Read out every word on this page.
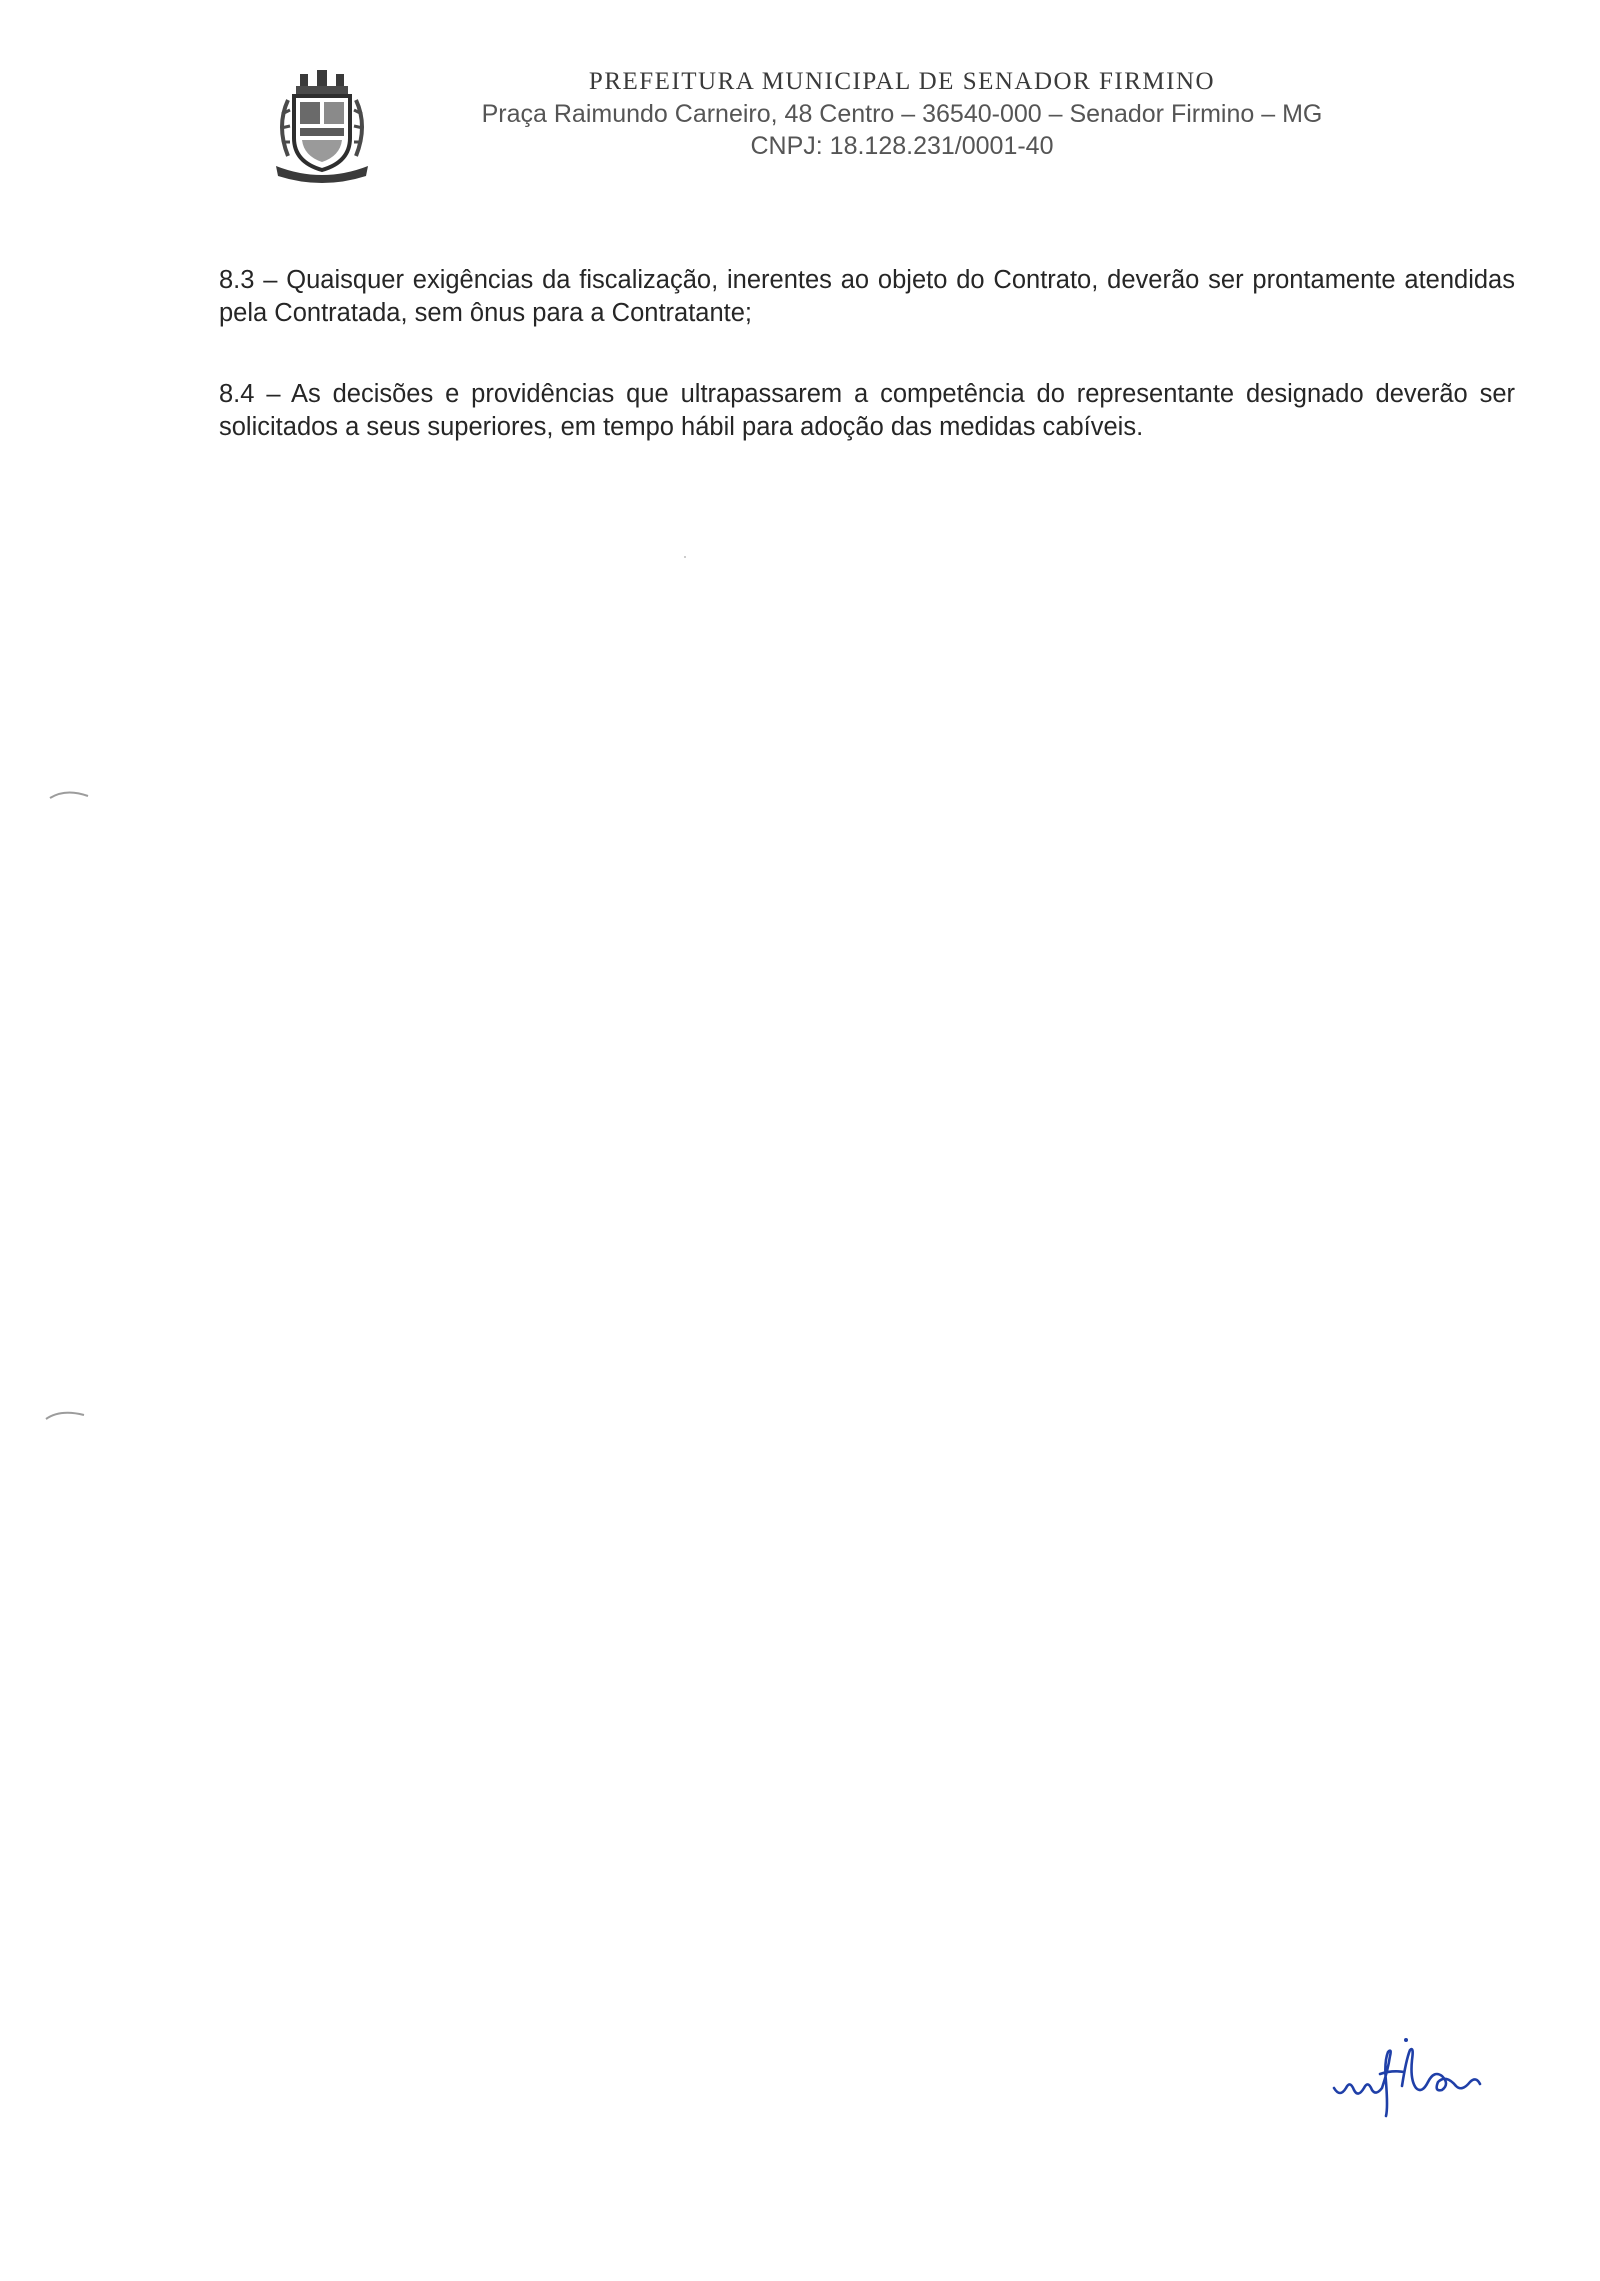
PREFEITURA MUNICIPAL DE SENADOR FIRMINO

Praça Raimundo Carneiro, 48 Centro – 36540-000 – Senador Firmino – MG

CNPJ: 18.128.231/0001-40

8.3 – Quaisquer exigências da fiscalização, inerentes ao objeto do Contrato, deverão ser prontamente atendidas pela Contratada, sem ônus para a Contratante;

8.4 – As decisões e providências que ultrapassarem a competência do representante designado deverão ser solicitados a seus superiores, em tempo hábil para adoção das medidas cabíveis.
